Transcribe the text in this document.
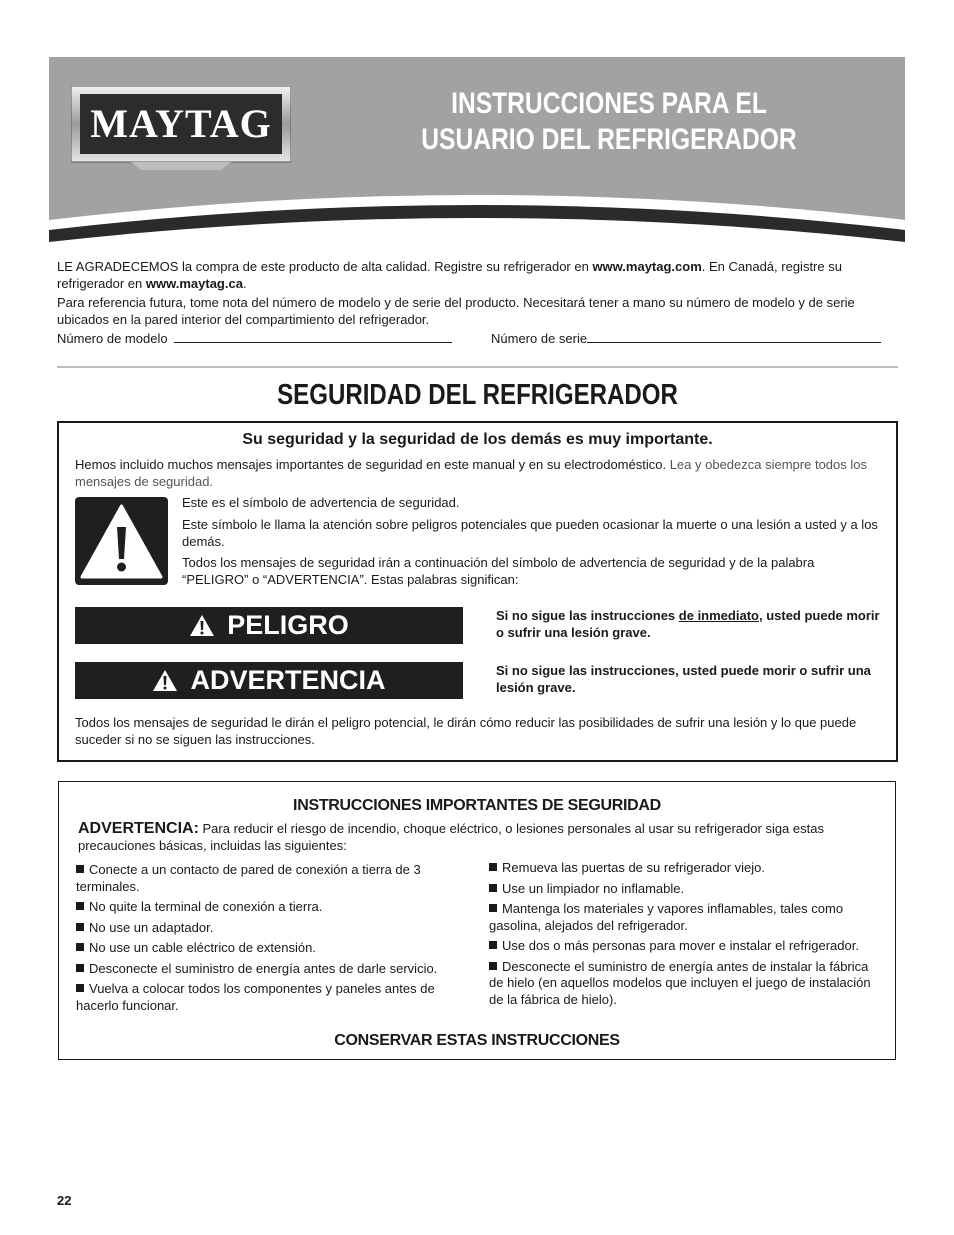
MAYTAG	INSTRUCCIONES PARA EL
USUARIO DEL REFRIGERADOR
LE AGRADECEMOS la compra de este producto de alta calidad. Registre su refrigerador en www.maytag.com. En Canadá, registre su refrigerador en www.maytag.ca.
Para referencia futura, tome nota del número de modelo y de serie del producto. Necesitará tener a mano su número de modelo y de serie ubicados en la pared interior del compartimiento del refrigerador.
Número de modelo	Número de serie
SEGURIDAD DEL REFRIGERADOR
Su seguridad y la seguridad de los demás es muy importante.
Hemos incluido muchos mensajes importantes de seguridad en este manual y en su electrodoméstico. Lea y obedezca siempre todos los mensajes de seguridad.
Este es el símbolo de advertencia de seguridad.
Este símbolo le llama la atención sobre peligros potenciales que pueden ocasionar la muerte o una lesión a usted y a los demás.
Todos los mensajes de seguridad irán a continuación del símbolo de advertencia de seguridad y de la palabra “PELIGRO” o “ADVERTENCIA”. Estas palabras significan:
PELIGRO	Si no sigue las instrucciones de inmediato, usted puede morir o sufrir una lesión grave.
ADVERTENCIA	Si no sigue las instrucciones, usted puede morir o sufrir una lesión grave.
Todos los mensajes de seguridad le dirán el peligro potencial, le dirán cómo reducir las posibilidades de sufrir una lesión y lo que puede suceder si no se siguen las instrucciones.
INSTRUCCIONES IMPORTANTES DE SEGURIDAD
ADVERTENCIA: Para reducir el riesgo de incendio, choque eléctrico, o lesiones personales al usar su refrigerador siga estas precauciones básicas, incluidas las siguientes:
Conecte a un contacto de pared de conexión a tierra de 3 terminales.
No quite la terminal de conexión a tierra.
No use un adaptador.
No use un cable eléctrico de extensión.
Desconecte el suministro de energía antes de darle servicio.
Vuelva a colocar todos los componentes y paneles antes de hacerlo funcionar.
Remueva las puertas de su refrigerador viejo.
Use un limpiador no inflamable.
Mantenga los materiales y vapores inflamables, tales como gasolina, alejados del refrigerador.
Use dos o más personas para mover e instalar el refrigerador.
Desconecte el suministro de energía antes de instalar la fábrica de hielo (en aquellos modelos que incluyen el juego de instalación de la fábrica de hielo).
CONSERVAR ESTAS INSTRUCCIONES
22
